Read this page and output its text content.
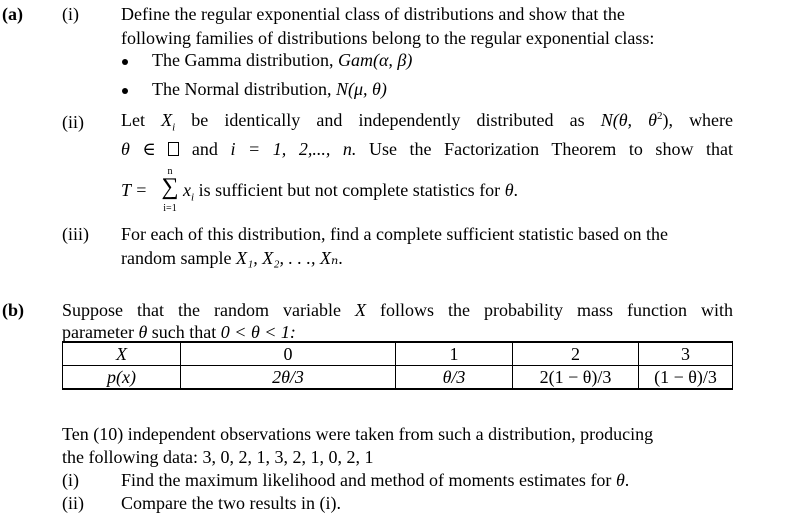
(a) (i) Define the regular exponential class of distributions and show that the
following families of distributions belong to the regular exponential class:
The Gamma distribution, Gam(α, β)
The Normal distribution, N(μ, θ)
(ii) Let $X_i$ be identically and independently distributed as N(θ, $\theta^2$), where
θ ∈  and i = 1, 2,..., n. Use the Factorization Theorem to show that
n
∑
i=1
$T = x_i$ is sufficient but not complete statistics for θ.
(iii) For each of this distribution, find a complete sufficient statistic based on the
random sample X₁, X₂, . . ., Xₙ.
(b) Suppose that the random variable X follows the probability mass function with
parameter θ such that 0 < θ < 1:
X	0	1	2	3
p(x)	2θ/3	θ/3	2(1 − θ)/3	(1 − θ)/3
Ten (10) independent observations were taken from such a distribution, producing
the following data: 3, 0, 2, 1, 3, 2, 1, 0, 2, 1
(i) Find the maximum likelihood and method of moments estimates for θ.
(ii) Compare the two results in (i).
